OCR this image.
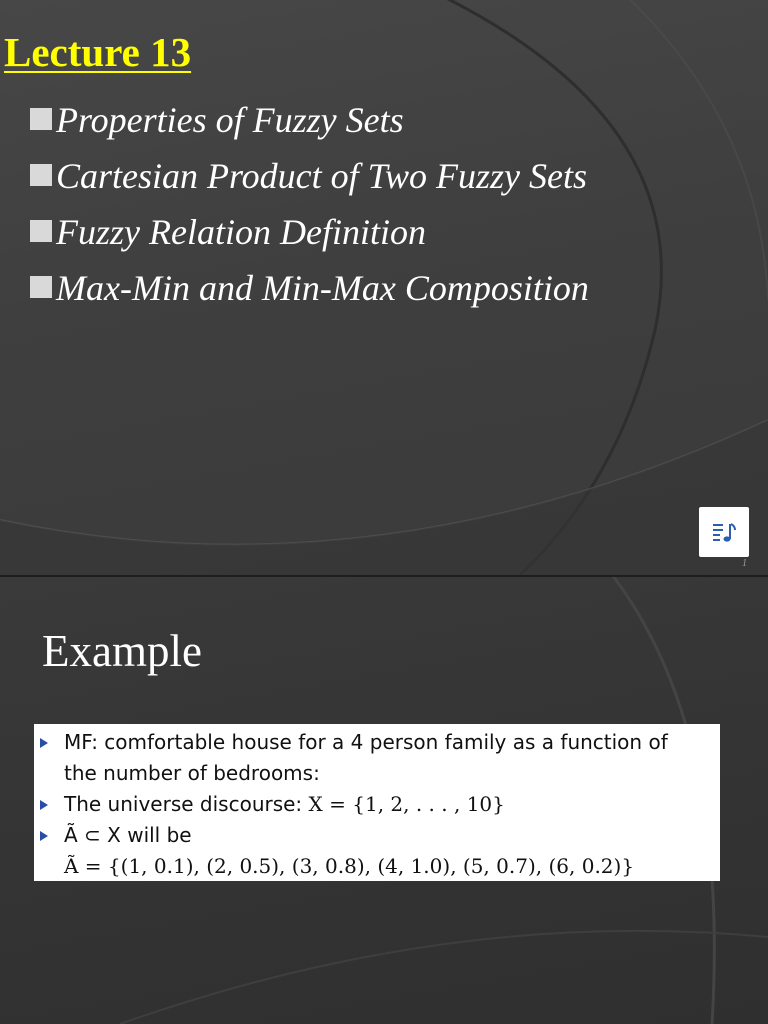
Lecture 13
Properties of Fuzzy Sets
Cartesian Product of Two Fuzzy Sets
Fuzzy Relation Definition
Max-Min and Min-Max Composition
1
Example
MF: comfortable house for a 4 person family as a function of
the number of bedrooms:
The universe discourse: X = {1, 2, . . . , 10}
Ã ⊂ X will be
Ã = {(1, 0.1), (2, 0.5), (3, 0.8), (4, 1.0), (5, 0.7), (6, 0.2)}
